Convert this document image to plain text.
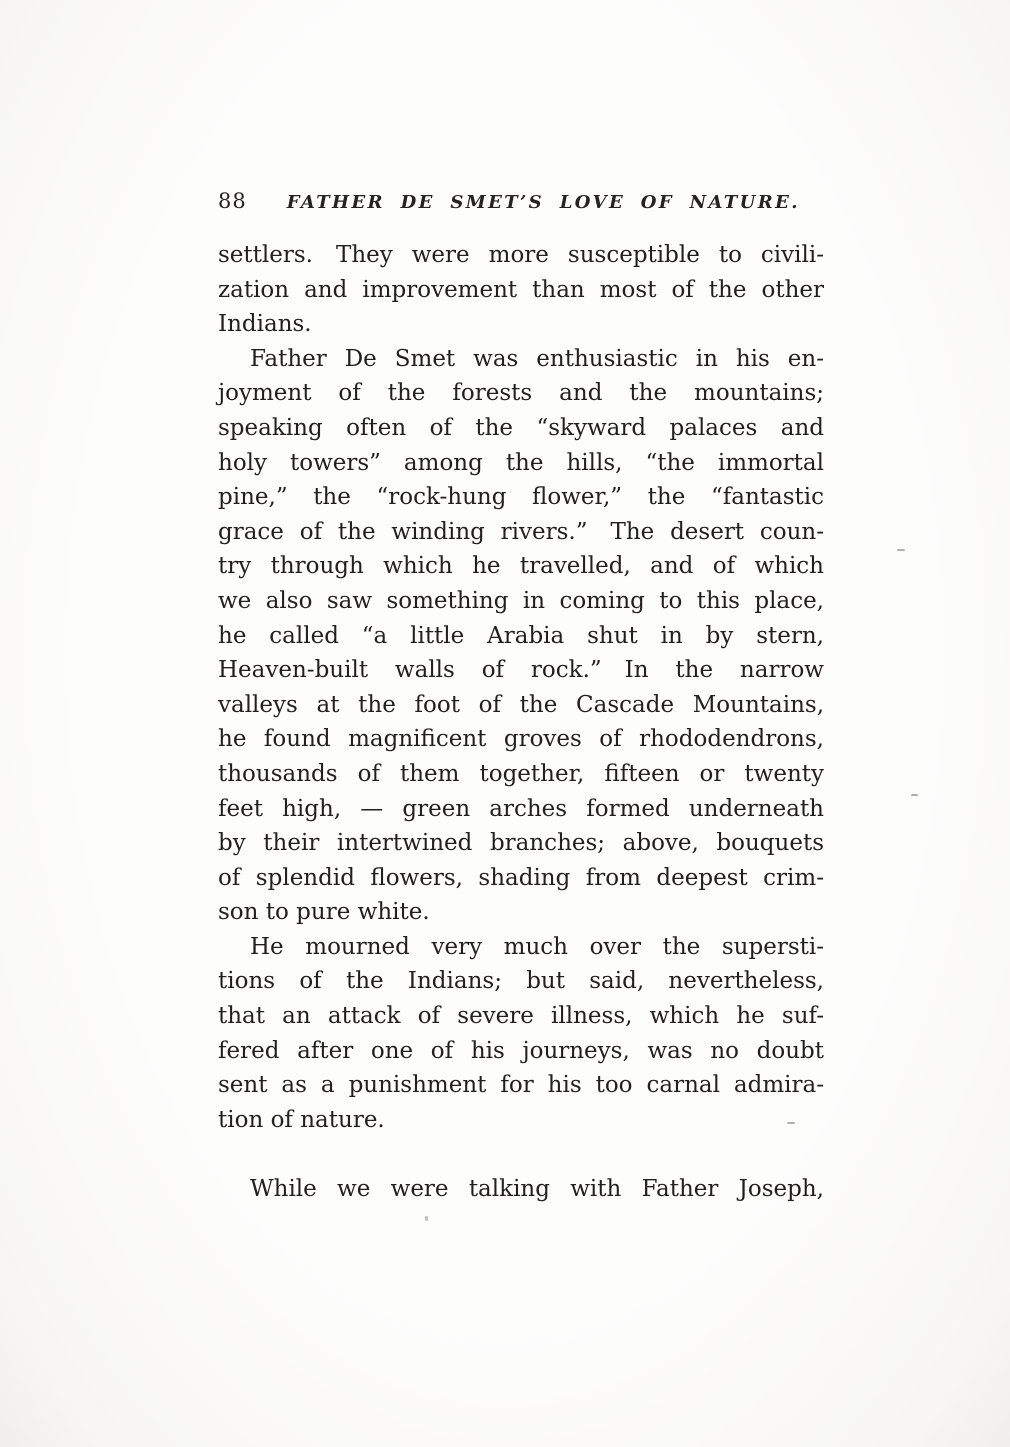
88 FATHER DE SMET’S LOVE OF NATURE.
settlers. They were more susceptible to civili-
zation and improvement than most of the other
Indians.
Father De Smet was enthusiastic in his en-
joyment of the forests and the mountains;
speaking often of the “skyward palaces and
holy towers” among the hills, “the immortal
pine,” the “rock-hung flower,” the “fantastic
grace of the winding rivers.” The desert coun-
try through which he travelled, and of which
we also saw something in coming to this place,
he called “a little Arabia shut in by stern,
Heaven-built walls of rock.” In the narrow
valleys at the foot of the Cascade Mountains,
he found magnificent groves of rhododendrons,
thousands of them together, fifteen or twenty
feet high, — green arches formed underneath
by their intertwined branches; above, bouquets
of splendid flowers, shading from deepest crim-
son to pure white.
He mourned very much over the supersti-
tions of the Indians; but said, nevertheless,
that an attack of severe illness, which he suf-
fered after one of his journeys, was no doubt
sent as a punishment for his too carnal admira-
tion of nature.
While we were talking with Father Joseph,
